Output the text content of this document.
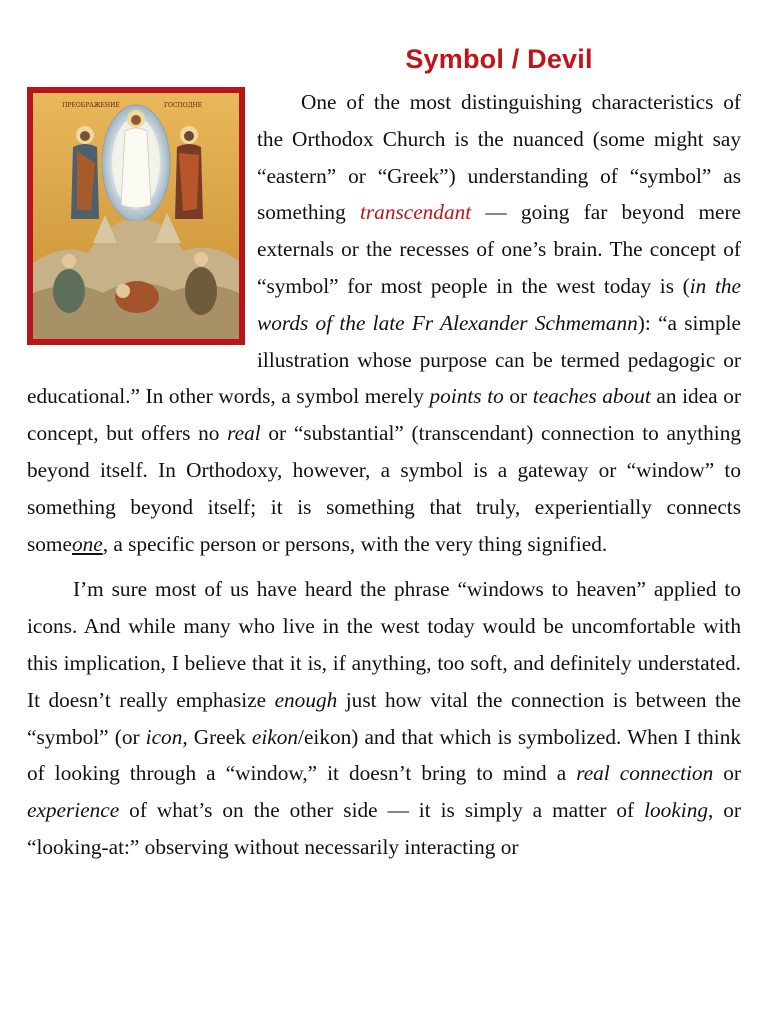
Symbol / Devil
ПРЕОБРАЖЕНИЕ	ГОСПОДНЕ	One of the most distinguishing characteristics of the Orthodox Church is the nuanced (some might say “eastern” or “Greek”) understanding of “symbol” as something transcendant — going far beyond mere externals or the recesses of one’s brain. The concept of “symbol” for most people in the west today is (in the words of the late Fr Alexander Schmemann): “a simple illustration whose purpose can be termed pedagogic or educational.” In other words, a symbol merely points to or teaches about an idea or concept, but offers no real or “substantial” (transcendant) connection to anything beyond itself. In Orthodoxy, however, a symbol is a gateway or “window” to something beyond itself; it is something that truly, experientially connects someone, a specific person or persons, with the very thing signified.

I’m sure most of us have heard the phrase “windows to heaven” applied to icons. And while many who live in the west today would be uncomfortable with this implication, I believe that it is, if anything, too soft, and definitely understated. It doesn’t really emphasize enough just how vital the connection is between the “symbol” (or icon, Greek eikon/eikon) and that which is symbolized. When I think of looking through a “window,” it doesn’t bring to mind a real connection or experience of what’s on the other side — it is simply a matter of looking, or “looking-at:” observing without necessarily interacting or
